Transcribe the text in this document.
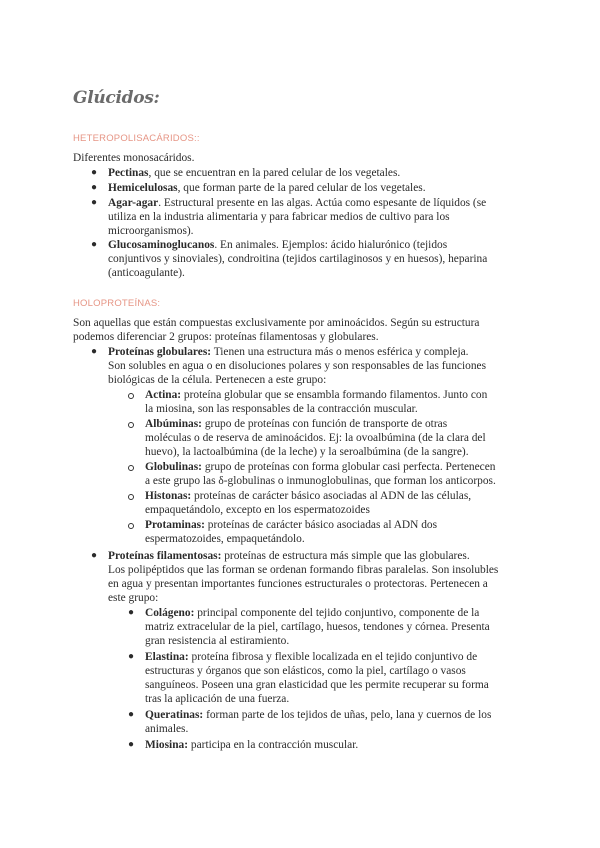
Glúcidos:
HETEROPOLISACÁRIDOS::

Diferentes monosacáridos.

● Pectinas, que se encuentran en la pared celular de los vegetales.

● Hemicelulosas, que forman parte de la pared celular de los vegetales.

● Agar-agar. Estructural presente en las algas. Actúa como espesante de líquidos (se

utiliza en la industria alimentaria y para fabricar medios de cultivo para los

microorganismos).

● Glucosaminoglucanos. En animales. Ejemplos: ácido hialurónico (tejidos

conjuntivos y sinoviales), condroitina (tejidos cartilaginosos y en huesos), heparina

(anticoagulante).

HOLOPROTEÍNAS:

Son aquellas que están compuestas exclusivamente por aminoácidos. Según su estructura

podemos diferenciar 2 grupos: proteínas filamentosas y globulares.

● Proteínas globulares: Tienen una estructura más o menos esférica y compleja.

Son solubles en agua o en disoluciones polares y son responsables de las funciones

biológicas de la célula. Pertenecen a este grupo:

Actina: proteína globular que se ensambla formando filamentos. Junto con

la miosina, son las responsables de la contracción muscular.

Albúminas: grupo de proteínas con función de transporte de otras

moléculas o de reserva de aminoácidos. Ej: la ovoalbúmina (de la clara del

huevo), la lactoalbúmina (de la leche) y la seroalbúmina (de la sangre).

Globulinas: grupo de proteínas con forma globular casi perfecta. Pertenecen

a este grupo las δ-globulinas o inmunoglobulinas, que forman los anticorpos.

Histonas: proteínas de carácter básico asociadas al ADN de las células,

empaquetándolo, excepto en los espermatozoides

Protaminas: proteínas de carácter básico asociadas al ADN dos

espermatozoides, empaquetándolo.

● Proteínas filamentosas: proteínas de estructura más simple que las globulares.

Los polipéptidos que las forman se ordenan formando fibras paralelas. Son insolubles

en agua y presentan importantes funciones estructurales o protectoras. Pertenecen a

este grupo:

● Colágeno: principal componente del tejido conjuntivo, componente de la

matriz extracelular de la piel, cartílago, huesos, tendones y córnea. Presenta

gran resistencia al estiramiento.

● Elastina: proteína fibrosa y flexible localizada en el tejido conjuntivo de

estructuras y órganos que son elásticos, como la piel, cartílago o vasos

sanguíneos. Poseen una gran elasticidad que les permite recuperar su forma

tras la aplicación de una fuerza.

● Queratinas: forman parte de los tejidos de uñas, pelo, lana y cuernos de los

animales.

● Miosina: participa en la contracción muscular.
